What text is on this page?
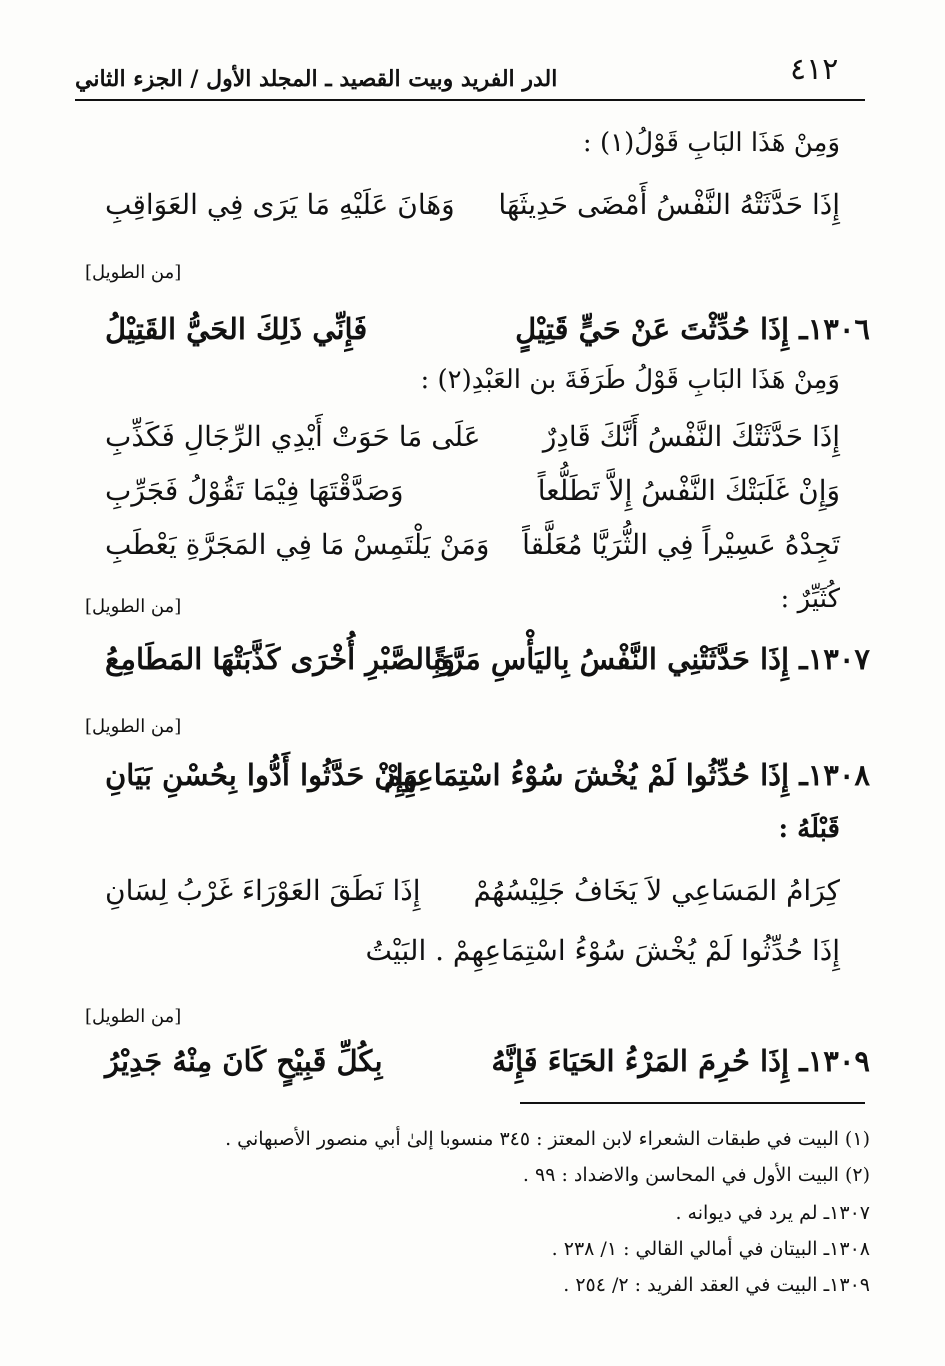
٤١٢
الدر الفريد وبيت القصيد ـ المجلد الأول / الجزء الثاني
وَمِنْ هَذَا البَابِ قَوْلُ(١) :
إِذَا حَدَّثَتْهُ النَّفْسُ أَمْضَى حَدِيثَهَا
وَهَانَ عَلَيْهِ مَا يَرَى فِي العَوَاقِبِ
[من الطويل]
١٣٠٦ـ إِذَا حُدِّثْتَ عَنْ حَيٍّ قَتِيْلٍ
فَإِنِّي ذَلِكَ الحَيُّ القَتِيْلُ
وَمِنْ هَذَا البَابِ قَوْلُ طَرَفَةَ بن العَبْدِ(٢) :
إِذَا حَدَّثَتْكَ النَّفْسُ أَنَّكَ قَادِرٌ
عَلَى مَا حَوَتْ أَيْدِي الرِّجَالِ فَكَذِّبِ
وَإِنْ غَلَبَتْكَ النَّفْسُ إِلاَّ تَطَلُّعاً
وَصَدَّقْتَهَا فِيْمَا تَقُوْلُ فَجَرِّبِ
تَجِدْهُ عَسِيْراً فِي الثُّرَيَّا مُعَلَّقاً
وَمَنْ يَلْتَمِسْ مَا فِي المَجَرَّةِ يَعْطَبِ
كُثَيِّرٌ :
[من الطويل]
١٣٠٧ـ إِذَا حَدَّثَتْنِي النَّفْسُ بِاليَأْسِ مَرَّةً
وَبِالصَّبْرِ أُخْرَى كَذَّبَتْهَا المَطَامِعُ
[من الطويل]
١٣٠٨ـ إِذَا حُدِّثُوا لَمْ يُخْشَ سُوْءُ اسْتِمَاعِهِمْ
وَإِنْ حَدَّثُوا أَدُّوا بِحُسْنِ بَيَانِ
قَبْلَهُ :
كِرَامُ المَسَاعِي لاَ يَخَافُ جَلِيْسُهُمْ
إِذَا نَطَقَ العَوْرَاءَ غَرْبُ لِسَانِ
إِذَا حُدِّثُوا لَمْ يُخْشَ سُوْءُ اسْتِمَاعِهِمْ . البَيْتُ
[من الطويل]
١٣٠٩ـ إِذَا حُرِمَ المَرْءُ الحَيَاءَ فَإِنَّهُ
بِكُلِّ قَبِيْحٍ كَانَ مِنْهُ جَدِيْرُ
(١) البيت في طبقات الشعراء لابن المعتز : ٣٤٥ منسوبا إلىٰ أبي منصور الأصبهاني .
(٢) البيت الأول في المحاسن والاضداد : ٩٩ .
١٣٠٧ـ لم يرد في ديوانه .
١٣٠٨ـ البيتان في أمالي القالي : ١/ ٢٣٨ .
١٣٠٩ـ البيت في العقد الفريد : ٢/ ٢٥٤ .
